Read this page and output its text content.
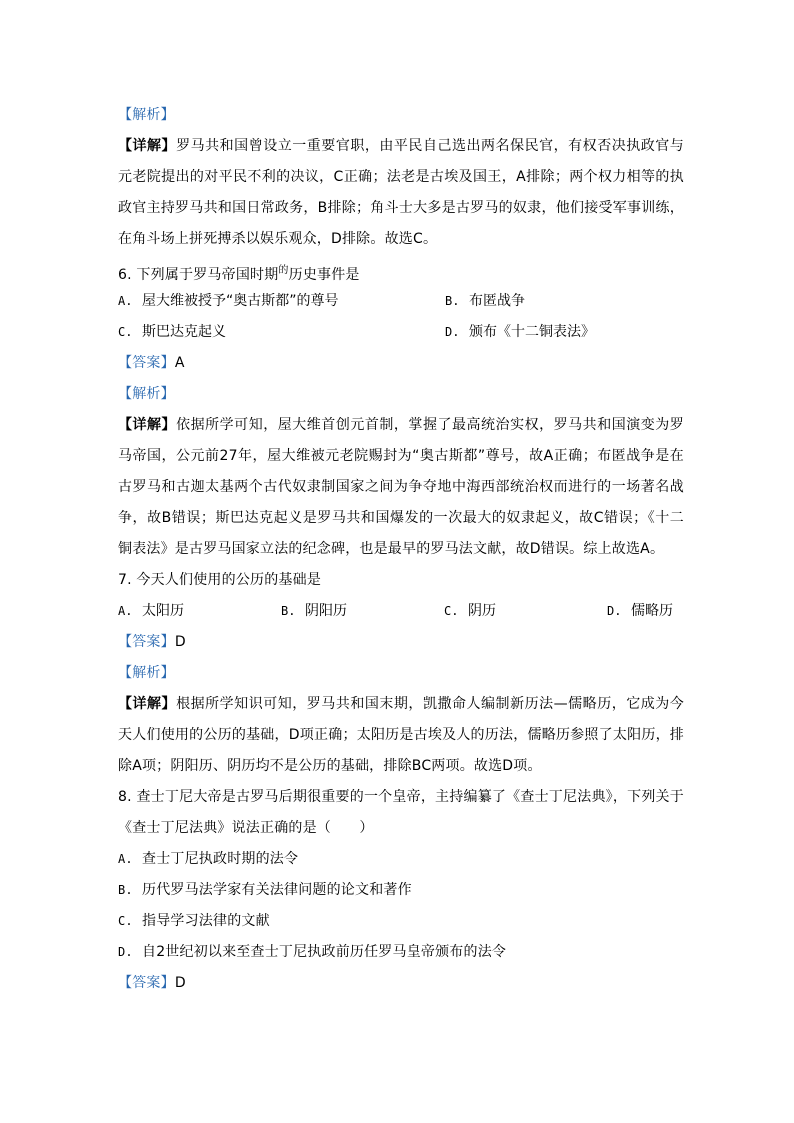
【解析】
【详解】罗马共和国曾设立一重要官职，由平民自己选出两名保民官，有权否决执政官与元老院提出的对平民不利的决议，C正确；法老是古埃及国王，A排除；两个权力相等的执政官主持罗马共和国日常政务，B排除；角斗士大多是古罗马的奴隶，他们接受军事训练，在角斗场上拼死搏杀以娱乐观众，D排除。故选C。
6. 下列属于罗马帝国时期$^的$历史事件是
A. 屋大维被授予“奥古斯都”的尊号	B. 布匿战争
C. 斯巴达克起义	D. 颁布《十二铜表法》
【答案】A
【解析】
【详解】依据所学可知，屋大维首创元首制，掌握了最高统治实权，罗马共和国演变为罗马帝国，公元前27年，屋大维被元老院赐封为“奥古斯都”尊号，故A正确；布匿战争是在古罗马和古迦太基两个古代奴隶制国家之间为争夺地中海西部统治权而进行的一场著名战争，故B错误；斯巴达克起义是罗马共和国爆发的一次最大的奴隶起义，故C错误；《十二铜表法》是古罗马国家立法的纪念碑，也是最早的罗马法文献，故D错误。综上故选A。
7. 今天人们使用的公历的基础是
A. 太阳历	B. 阴阳历	C. 阴历	D. 儒略历
【答案】D
【解析】
【详解】根据所学知识可知，罗马共和国末期，凯撒命人编制新历法—儒略历，它成为今天人们使用的公历的基础，D项正确；太阳历是古埃及人的历法，儒略历参照了太阳历，排除A项；阴阳历、阴历均不是公历的基础，排除BC两项。故选D项。
8. 查士丁尼大帝是古罗马后期很重要的一个皇帝，主持编纂了《查士丁尼法典》，下列关于《查士丁尼法典》说法正确的是（　　）
A. 查士丁尼执政时期的法令
B. 历代罗马法学家有关法律问题的论文和著作
C. 指导学习法律的文献
D. 自2世纪初以来至查士丁尼执政前历任罗马皇帝颁布的法令
【答案】D
